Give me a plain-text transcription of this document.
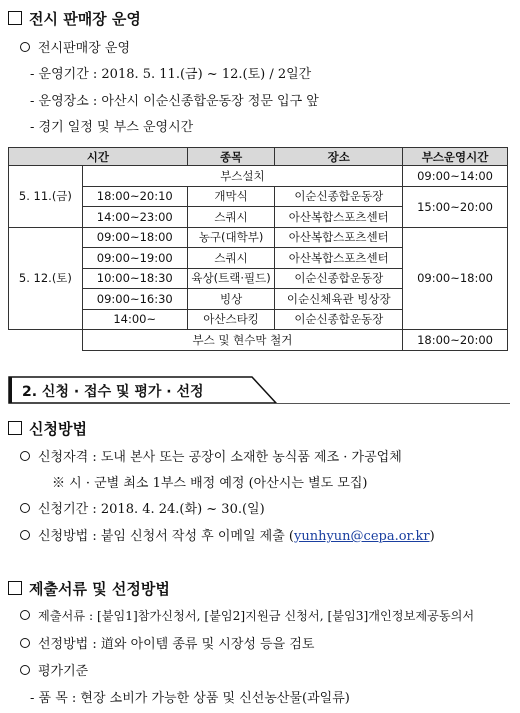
전시 판매장 운영
전시판매장 운영
- 운영기간 : 2018. 5. 11.(금) ~ 12.(토) / 2일간
- 운영장소 : 아산시 이순신종합운동장 정문 입구 앞
- 경기 일정 및 부스 운영시간
시간		종목	장소	부스운영시간
5. 11.(금)	부스설치			09:00~14:00
	18:00~20:10	개막식	이순신종합운동장	15:00~20:00
	14:00~23:00	스쿼시	아산복합스포츠센터	
5. 12.(토)	09:00~18:00	농구(대학부)	아산복합스포츠센터	09:00~18:00
	09:00~19:00	스쿼시	아산복합스포츠센터	
	10:00~18:30	육상(트랙·필드)	이순신종합운동장	
	09:00~16:30	빙상	이순신체육관 빙상장	
	14:00~	아산스타킹	이순신종합운동장	
	부스 및 현수막 철거			18:00~20:00
2. 신청 · 접수 및 평가 · 선정
신청방법
신청자격 : 도내 본사 또는 공장이 소재한 농식품 제조 · 가공업체
※ 시 · 군별 최소 1부스 배정 예정 (아산시는 별도 모집)
신청기간 : 2018. 4. 24.(화) ~ 30.(일)
신청방법 : 붙임 신청서 작성 후 이메일 제출 (yunhyun@cepa.or.kr)
제출서류 및 선정방법
제출서류 : [붙임1]참가신청서, [붙임2]지원금 신청서, [붙임3]개인정보제공동의서
선정방법 : 道와 아이템 종류 및 시장성 등을 검토
평가기준
- 품 목 : 현장 소비가 가능한 상품 및 신선농산물(과일류)
